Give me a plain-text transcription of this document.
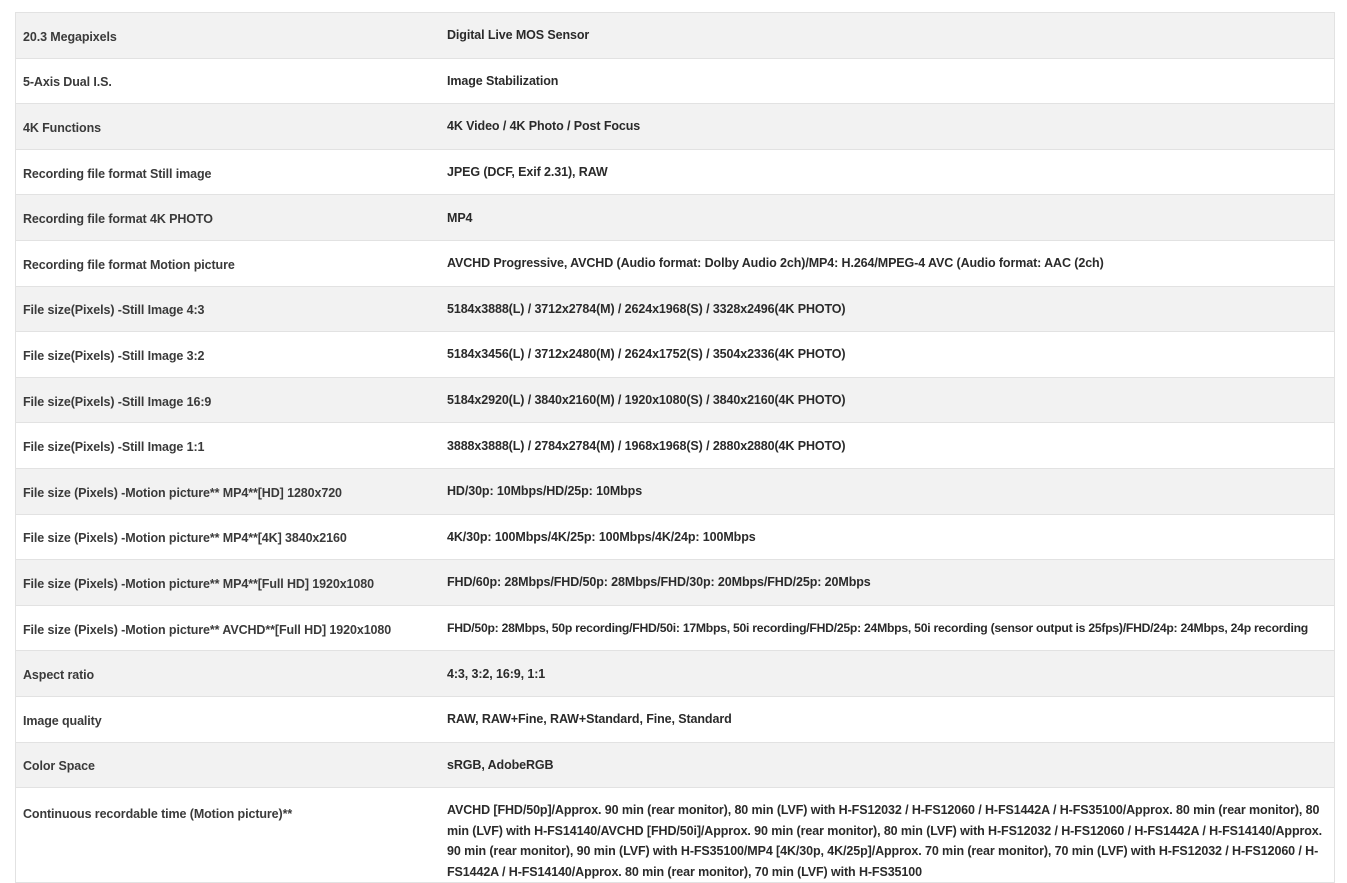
20.3 Megapixels	Digital Live MOS Sensor
5-Axis Dual I.S.	Image Stabilization
4K Functions	4K Video / 4K Photo / Post Focus
Recording file format Still image	JPEG (DCF, Exif 2.31), RAW
Recording file format 4K PHOTO	MP4
Recording file format Motion picture	AVCHD Progressive, AVCHD (Audio format: Dolby Audio 2ch)/MP4: H.264/MPEG-4 AVC (Audio format: AAC (2ch)
File size(Pixels) -Still Image 4:3	5184x3888(L) / 3712x2784(M) / 2624x1968(S) / 3328x2496(4K PHOTO)
File size(Pixels) -Still Image 3:2	5184x3456(L) / 3712x2480(M) / 2624x1752(S) / 3504x2336(4K PHOTO)
File size(Pixels) -Still Image 16:9	5184x2920(L) / 3840x2160(M) / 1920x1080(S) / 3840x2160(4K PHOTO)
File size(Pixels) -Still Image 1:1	3888x3888(L) / 2784x2784(M) / 1968x1968(S) / 2880x2880(4K PHOTO)
File size (Pixels) -Motion picture** MP4**[HD] 1280x720	HD/30p: 10Mbps/HD/25p: 10Mbps
File size (Pixels) -Motion picture** MP4**[4K] 3840x2160	4K/30p: 100Mbps/4K/25p: 100Mbps/4K/24p: 100Mbps
File size (Pixels) -Motion picture** MP4**[Full HD] 1920x1080	FHD/60p: 28Mbps/FHD/50p: 28Mbps/FHD/30p: 20Mbps/FHD/25p: 20Mbps
File size (Pixels) -Motion picture** AVCHD**[Full HD] 1920x1080	FHD/50p: 28Mbps, 50p recording/FHD/50i: 17Mbps, 50i recording/FHD/25p: 24Mbps, 50i recording (sensor output is 25fps)/FHD/24p: 24Mbps, 24p recording
Aspect ratio	4:3, 3:2, 16:9, 1:1
Image quality	RAW, RAW+Fine, RAW+Standard, Fine, Standard
Color Space	sRGB, AdobeRGB
Continuous recordable time (Motion picture)**	AVCHD [FHD/50p]/Approx. 90 min (rear monitor), 80 min (LVF) with H-FS12032 / H-FS12060 / H-FS1442A / H-FS35100/Approx. 80 min (rear monitor), 80 min (LVF) with H-FS14140/AVCHD [FHD/50i]/Approx. 90 min (rear monitor), 80 min (LVF) with H-FS12032 / H-FS12060 / H-FS1442A / H-FS14140/Approx. 90 min (rear monitor), 90 min (LVF) with H-FS35100/MP4 [4K/30p, 4K/25p]/Approx. 70 min (rear monitor), 70 min (LVF) with H-FS12032 / H-FS12060 / H-FS1442A / H-FS14140/Approx. 80 min (rear monitor), 70 min (LVF) with H-FS35100
